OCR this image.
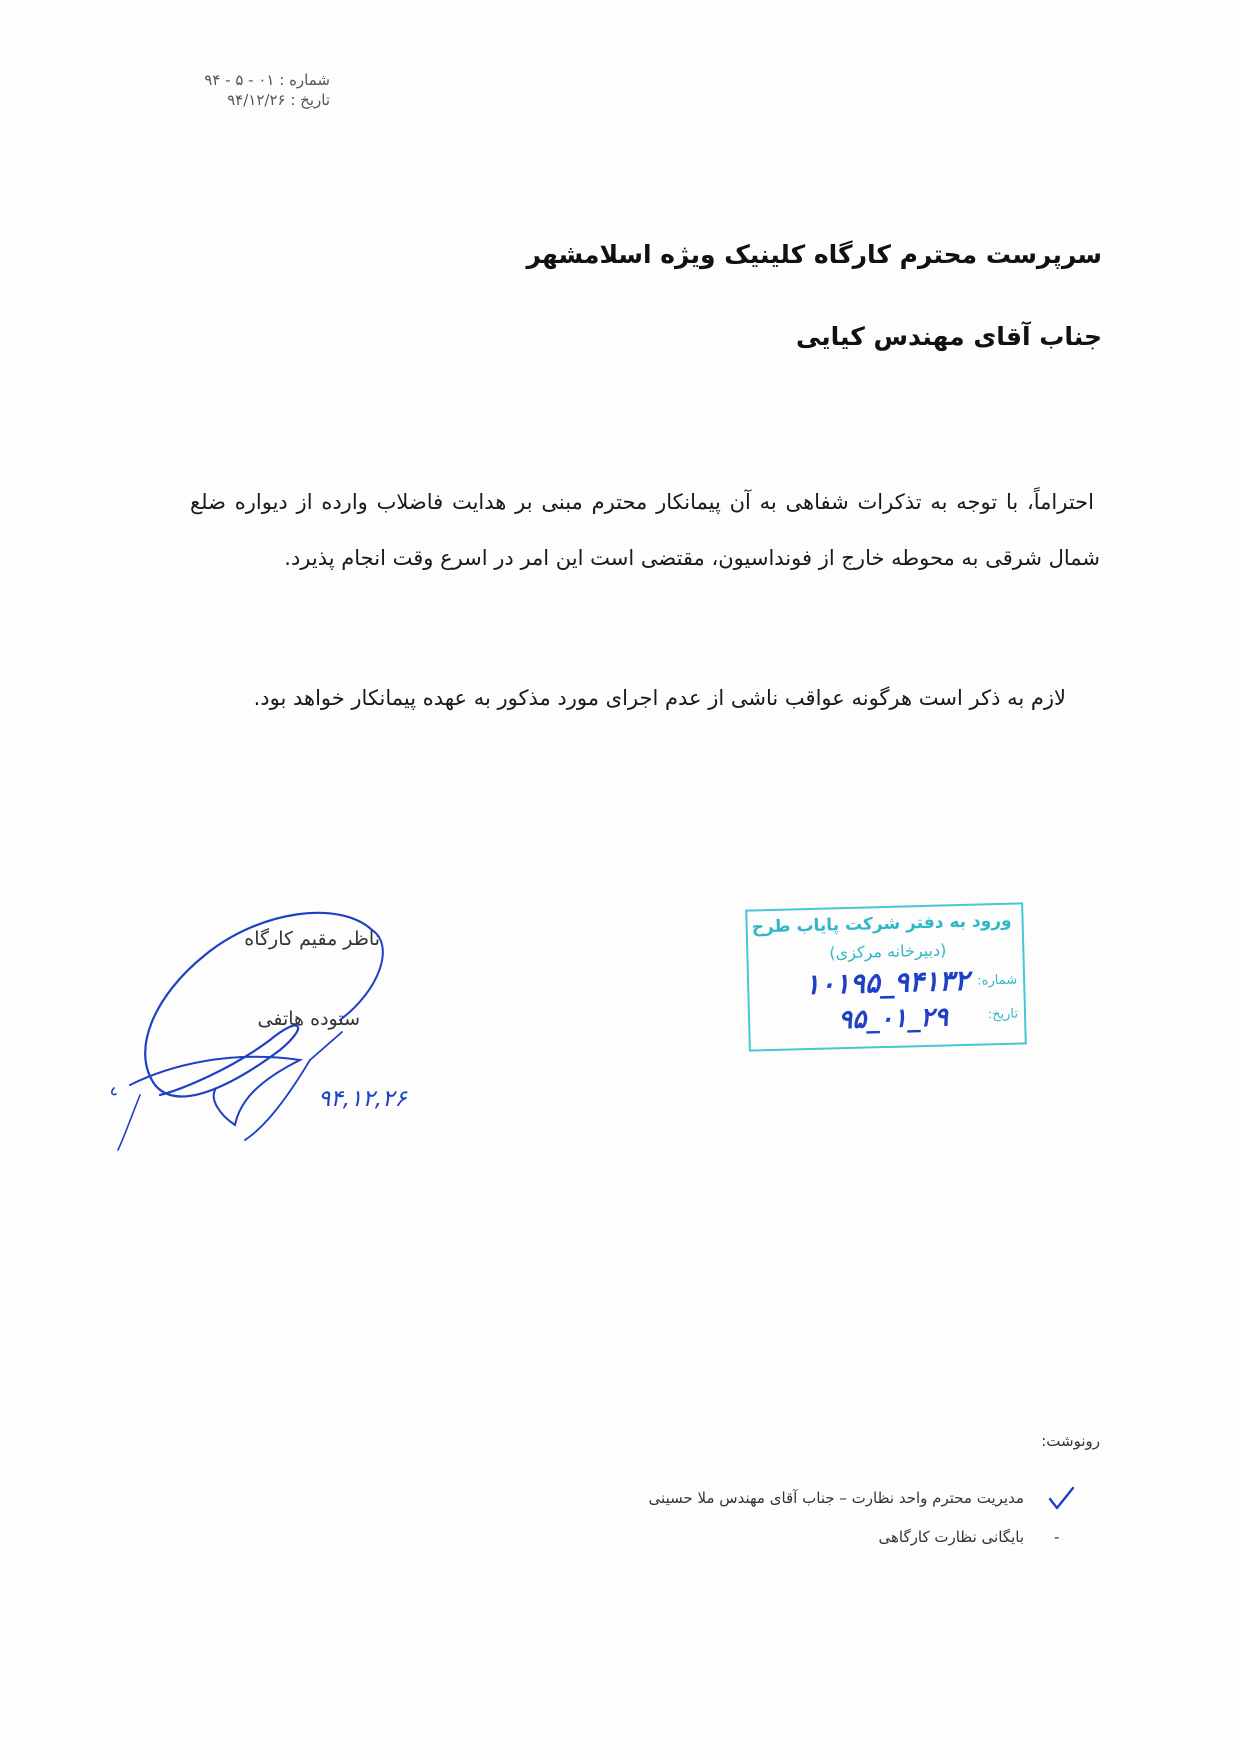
شماره : ۰۱ - ۵ - ۹۴
تاریخ : ۹۴/۱۲/۲۶
سرپرست محترم کارگاه کلینیک ویژه اسلامشهر
جناب آقای مهندس کیایی
احتراماً، با توجه به تذکرات شفاهی به آن پیمانکار محترم مبنی بر هدایت فاضلاب وارده از دیواره ضلع شمال شرقی به محوطه خارج از فونداسیون، مقتضی است این امر در اسرع وقت انجام پذیرد.
لازم به ذکر است هرگونه عواقب ناشی از عدم اجرای مورد مذکور به عهده پیمانکار خواهد بود.
ناظر مقیم کارگاه
ستوده هاتفی
۹۴,۱۲,۲۶
ورود به دفتر شرکت پایاب طرح
(دبیرخانه مرکزی)
شماره:
۱۰۱۹۵_۹۴۱۳۲
تاریخ:
۹۵_۰۱_۲۹
رونوشت:
مدیریت محترم واحد نظارت – جناب آقای مهندس ملا حسینی
-
بایگانی نظارت کارگاهی
